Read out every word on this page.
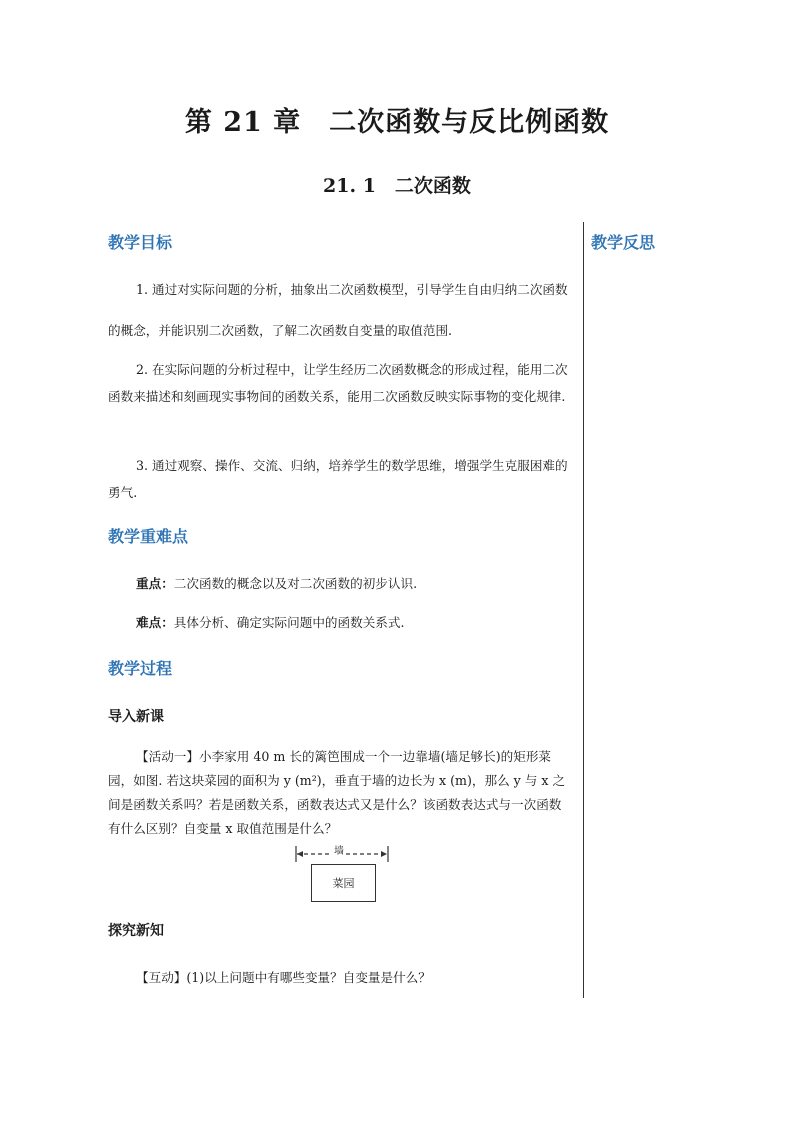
第 21 章　二次函数与反比例函数
21. 1　二次函数
教学反思
教学目标

1. 通过对实际问题的分析，抽象出二次函数模型，引导学生自由归纳二次函数的概念，并能识别二次函数，了解二次函数自变量的取值范围.

2. 在实际问题的分析过程中，让学生经历二次函数概念的形成过程，能用二次函数来描述和刻画现实事物间的函数关系，能用二次函数反映实际事物的变化规律.

3. 通过观察、操作、交流、归纳，培养学生的数学思维，增强学生克服困难的勇气.

教学重难点

重点：二次函数的概念以及对二次函数的初步认识.

难点：具体分析、确定实际问题中的函数关系式.

教学过程
导入新课

【活动一】小李家用 40 m 长的篱笆围成一个一边靠墙(墙足够长)的矩形菜园，如图. 若这块菜园的面积为 y (m²)，垂直于墙的边长为 x (m)，那么 y 与 x 之间是函数关系吗？若是函数关系，函数表达式又是什么？该函数表达式与一次函数有什么区别？自变量 x 取值范围是什么？

墙
菜园
探究新知

【互动】(1)以上问题中有哪些变量？自变量是什么？
